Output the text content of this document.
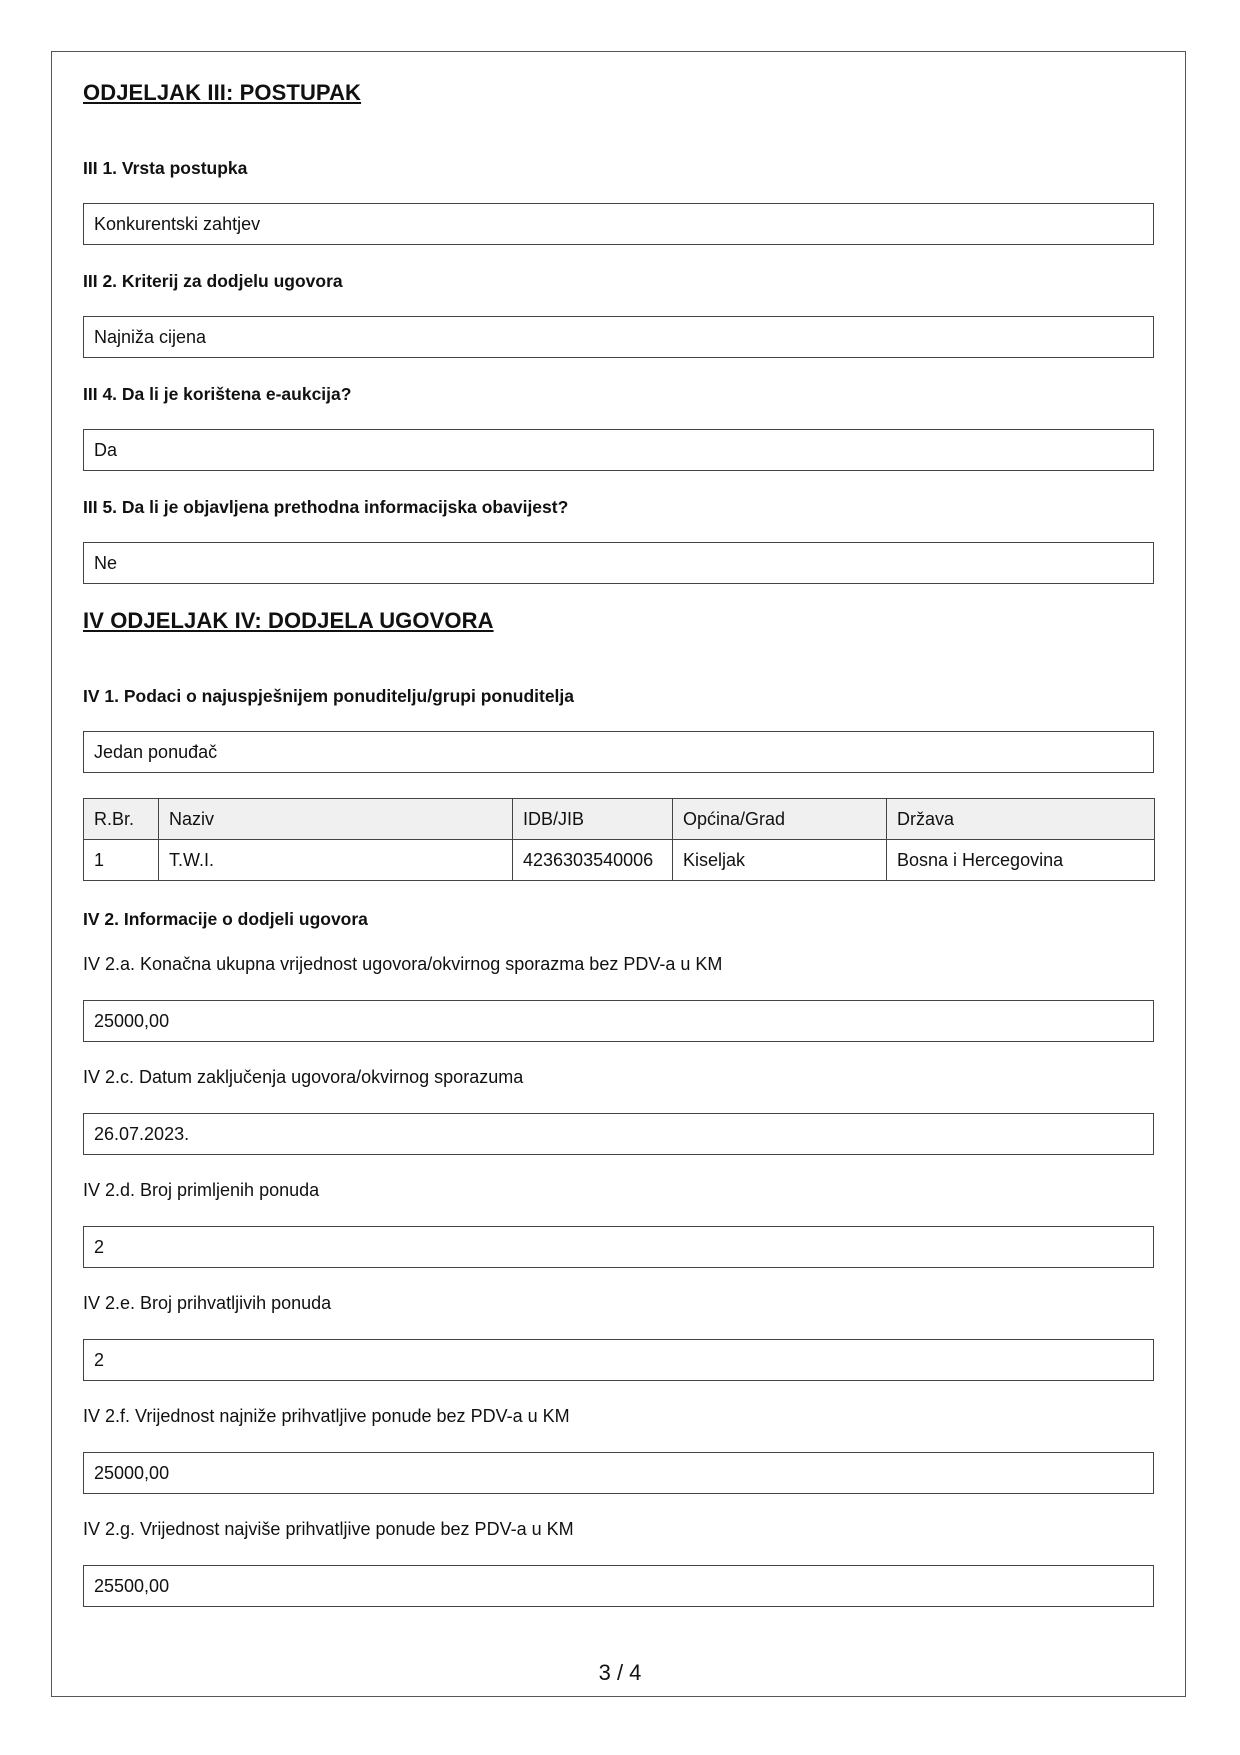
ODJELJAK III: POSTUPAK
III 1. Vrsta postupka
Konkurentski zahtjev
III 2. Kriterij za dodjelu ugovora
Najniža cijena
III 4. Da li je korištena e-aukcija?
Da
III 5. Da li je objavljena prethodna informacijska obavijest?
Ne
IV ODJELJAK IV: DODJELA UGOVORA
IV 1. Podaci o najuspješnijem ponuditelju/grupi ponuditelja
Jedan ponuđač
R.Br.	Naziv	IDB/JIB	Općina/Grad	Država
1	T.W.I.	4236303540006	Kiseljak	Bosna i Hercegovina
IV 2. Informacije o dodjeli ugovora
IV 2.a. Konačna ukupna vrijednost ugovora/okvirnog sporazma bez PDV-a u KM
25000,00
IV 2.c. Datum zaključenja ugovora/okvirnog sporazuma
26.07.2023.
IV 2.d. Broj primljenih ponuda
2
IV 2.e. Broj prihvatljivih ponuda
2
IV 2.f. Vrijednost najniže prihvatljive ponude bez PDV-a u KM
25000,00
IV 2.g. Vrijednost najviše prihvatljive ponude bez PDV-a u KM
25500,00
3 / 4
